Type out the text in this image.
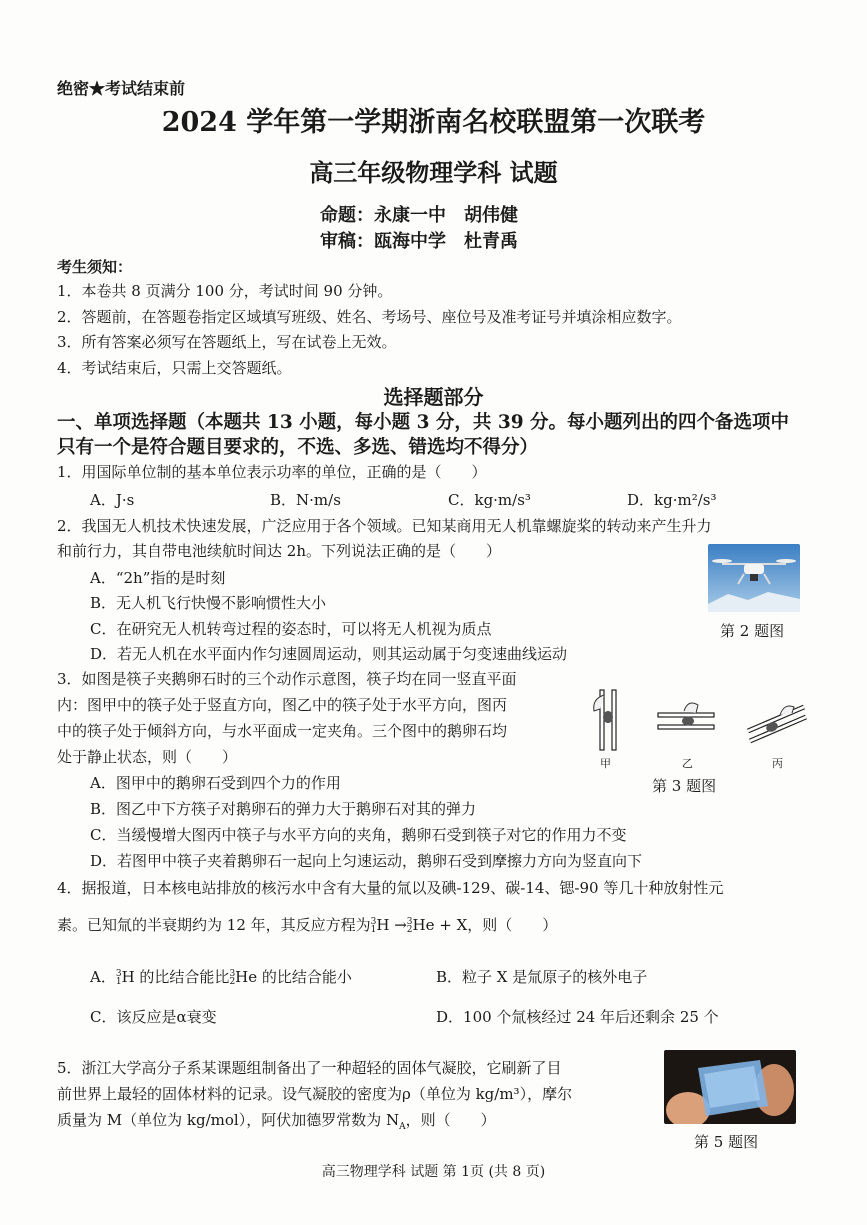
绝密★考试结束前
2024 学年第一学期浙南名校联盟第一次联考
高三年级物理学科 试题
命题：永康一中　胡伟健
审稿：瓯海中学　杜青禹
考生须知：
1．本卷共 8 页满分 100 分，考试时间 90 分钟。
2．答题前，在答题卷指定区域填写班级、姓名、考场号、座位号及准考证号并填涂相应数字。
3．所有答案必须写在答题纸上，写在试卷上无效。
4．考试结束后，只需上交答题纸。
选择题部分
一、单项选择题（本题共 13 小题，每小题 3 分，共 39 分。每小题列出的四个备选项中
只有一个是符合题目要求的，不选、多选、错选均不得分）
1．用国际单位制的基本单位表示功率的单位，正确的是（　　）
A．J·s	B．N·m/s	C．kg·m/s³	D．kg·m²/s³
2．我国无人机技术快速发展，广泛应用于各个领域。已知某商用无人机靠螺旋桨的转动来产生升力
和前行力，其自带电池续航时间达 2h。下列说法正确的是（　　）
A．“2h”指的是时刻
B．无人机飞行快慢不影响惯性大小
C．在研究无人机转弯过程的姿态时，可以将无人机视为质点
D．若无人机在水平面内作匀速圆周运动，则其运动属于匀变速曲线运动
第 2 题图
3．如图是筷子夹鹅卵石时的三个动作示意图，筷子均在同一竖直平面
内：图甲中的筷子处于竖直方向，图乙中的筷子处于水平方向，图丙
中的筷子处于倾斜方向，与水平面成一定夹角。三个图中的鹅卵石均
处于静止状态，则（　　）
A．图甲中的鹅卵石受到四个力的作用
B．图乙中下方筷子对鹅卵石的弹力大于鹅卵石对其的弹力
C．当缓慢增大图丙中筷子与水平方向的夹角，鹅卵石受到筷子对它的作用力不变
D．若图甲中筷子夹着鹅卵石一起向上匀速运动，鹅卵石受到摩擦力方向为竖直向下
甲	乙	丙
第 3 题图
4．据报道，日本核电站排放的核污水中含有大量的氚以及碘-129、碳-14、锶-90 等几十种放射性元
素。已知氚的半衰期约为 12 年，其反应方程为 3
1 H → 3
2 He + X，则（　　）
A． 3
1 H 的比结合能比 3
2 He 的比结合能小	B．粒子 X 是氚原子的核外电子
C．该反应是α衰变	D．100 个氚核经过 24 年后还剩余 25 个
5．浙江大学高分子系某课题组制备出了一种超轻的固体气凝胶，它刷新了目
前世界上最轻的固体材料的记录。设气凝胶的密度为ρ（单位为 kg/m³），摩尔
质量为 M（单位为 kg/mol），阿伏加德罗常数为 $N_A$，则（　　）
第 5 题图
高三物理学科 试题 第 1页 (共 8 页)
